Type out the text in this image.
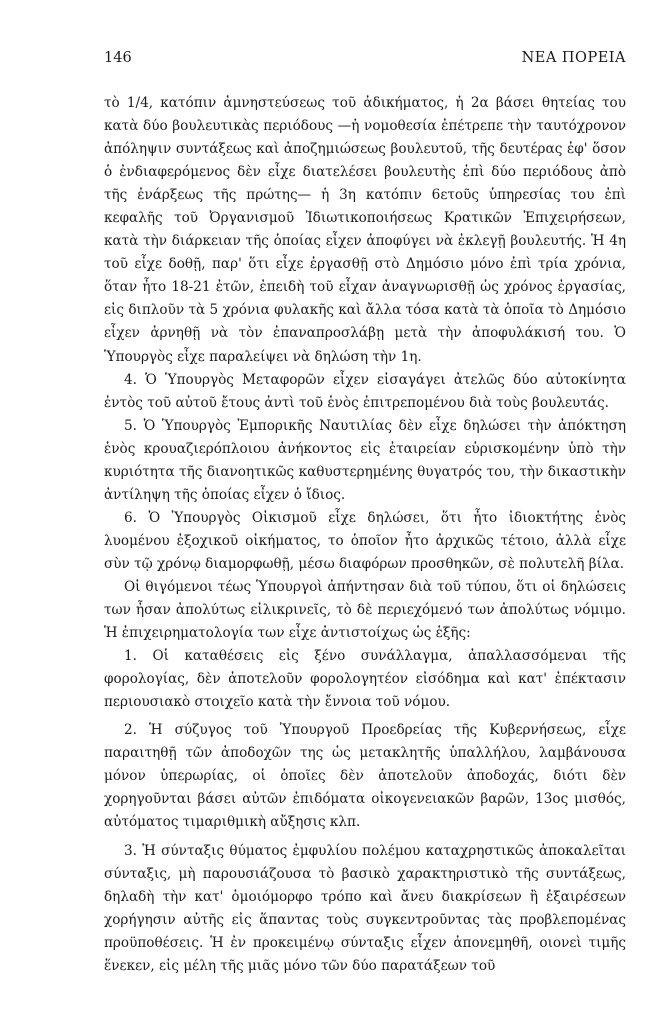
146	ΝΕΑ ΠΟΡΕΙΑ

τὸ 1/4, κατόπιν ἀμνηστεύσεως τοῦ ἀδικήματος, ἡ 2α βάσει θητείας του κατὰ δύο βουλευτικὰς περιόδους —ἡ νομοθεσία ἐπέτρεπε τὴν ταυτόχρονον ἀπόληψιν συντάξεως καὶ ἀποζημιώσεως βουλευτοῦ, τῆς δευτέρας ἐφ' ὅσον ὁ ἐνδιαφερόμενος δὲν εἶχε διατελέσει βουλευτὴς ἐπὶ δύο περιόδους ἀπὸ τῆς ἐνάρξεως τῆς πρώτης— ἡ 3η κατόπιν 6ετοῦς ὑπηρεσίας του ἐπὶ κεφαλῆς τοῦ Ὀργανισμοῦ Ἰδιωτικοποιήσεως Κρατικῶν Ἐπιχειρήσεων, κατὰ τὴν διάρκειαν τῆς ὁποίας εἶχεν ἀποφύγει νὰ ἐκλεγῇ βουλευτής. Ἡ 4η τοῦ εἶχε δοθῇ, παρ' ὅτι εἶχε ἐργασθῇ στὸ Δημόσιο μόνο ἐπὶ τρία χρόνια, ὅταν ἦτο 18-21 ἐτῶν, ἐπειδὴ τοῦ εἶχαν ἀναγνωρισθῇ ὡς χρόνος ἐργασίας, εἰς διπλοῦν τὰ 5 χρόνια φυλακῆς καὶ ἄλλα τόσα κατὰ τὰ ὁποῖα τὸ Δημόσιο εἶχεν ἀρνηθῇ νὰ τὸν ἐπαναπροσλάβῃ μετὰ τὴν ἀποφυλάκισή του. Ὁ Ὑπουργὸς εἶχε παραλείψει νὰ δηλώση τὴν 1η.

4. Ὁ Ὑπουργὸς Μεταφορῶν εἶχεν εἰσαγάγει ἀτελῶς δύο αὐτοκίνητα ἐντὸς τοῦ αὐτοῦ ἔτους ἀντὶ τοῦ ἑνὸς ἐπιτρεπομένου διὰ τοὺς βουλευτάς.

5. Ὁ Ὑπουργὸς Ἐμπορικῆς Ναυτιλίας δὲν εἶχε δηλώσει τὴν ἀπόκτηση ἑνὸς κρουαζιερόπλοιου ἀνήκοντος εἰς ἑταιρείαν εὑρισκομένην ὑπὸ τὴν κυριότητα τῆς διανοητικῶς καθυστερημένης θυγατρός του, τὴν δικαστικὴν ἀντίληψη τῆς ὁποίας εἶχεν ὁ ἴδιος.

6. Ὁ Ὑπουργὸς Οἰκισμοῦ εἶχε δηλώσει, ὅτι ἦτο ἰδιοκτήτης ἑνὸς λυομένου ἐξοχικοῦ οἰκήματος, το ὁποῖον ἦτο ἀρχικῶς τέτοιο, ἀλλὰ εἶχε σὺν τῷ χρόνῳ διαμορφωθῇ, μέσω διαφόρων προσθηκῶν, σὲ πολυτελῆ βίλα.

Οἱ θιγόμενοι τέως Ὑπουργοὶ ἀπήντησαν διὰ τοῦ τύπου, ὅτι οἱ δηλώσεις των ἦσαν ἀπολύτως εἰλικρινεῖς, τὸ δὲ περιεχόμενό των ἀπολύτως νόμιμο. Ἡ ἐπιχειρηματολογία των εἶχε ἀντιστοίχως ὡς ἑξῆς:

1. Οἱ καταθέσεις εἰς ξένο συνάλλαγμα, ἀπαλλασσόμεναι τῆς φορολογίας, δὲν ἀποτελοῦν φορολογητέον εἰσόδημα καὶ κατ' ἐπέκτασιν περιουσιακὸ στοιχεῖο κατὰ τὴν ἔννοια τοῦ νόμου.

2. Ἡ σύζυγος τοῦ Ὑπουργοῦ Προεδρείας τῆς Κυβερνήσεως, εἶχε παραιτηθῇ τῶν ἀποδοχῶν της ὡς μετακλητῆς ὑπαλλήλου, λαμβάνουσα μόνον ὑπερωρίας, οἱ ὁποῖες δὲν ἀποτελοῦν ἀποδοχάς, διότι δὲν χορηγοῦνται βάσει αὐτῶν ἐπιδόματα οἰκογενειακῶν βαρῶν, 13ος μισθός, αὐτόματος τιμαριθμικὴ αὔξησις κλπ.

3. Ἡ σύνταξις θύματος ἐμφυλίου πολέμου καταχρηστικῶς ἀποκαλεῖται σύνταξις, μὴ παρουσιάζουσα τὸ βασικὸ χαρακτηριστικὸ τῆς συντάξεως, δηλαδὴ τὴν κατ' ὁμοιόμορφο τρόπο καὶ ἄνευ διακρίσεων ἢ ἐξαιρέσεων χορήγησιν αὐτῆς εἰς ἅπαντας τοὺς συγκεντροῦντας τὰς προβλεπομένας προϋποθέσεις. Ἡ ἐν προκειμένῳ σύνταξις εἶχεν ἀπονεμηθῆ, οιονεὶ τιμῆς ἕνεκεν, εἰς μέλη τῆς μιᾶς μόνο τῶν δύο παρατάξεων τοῦ
